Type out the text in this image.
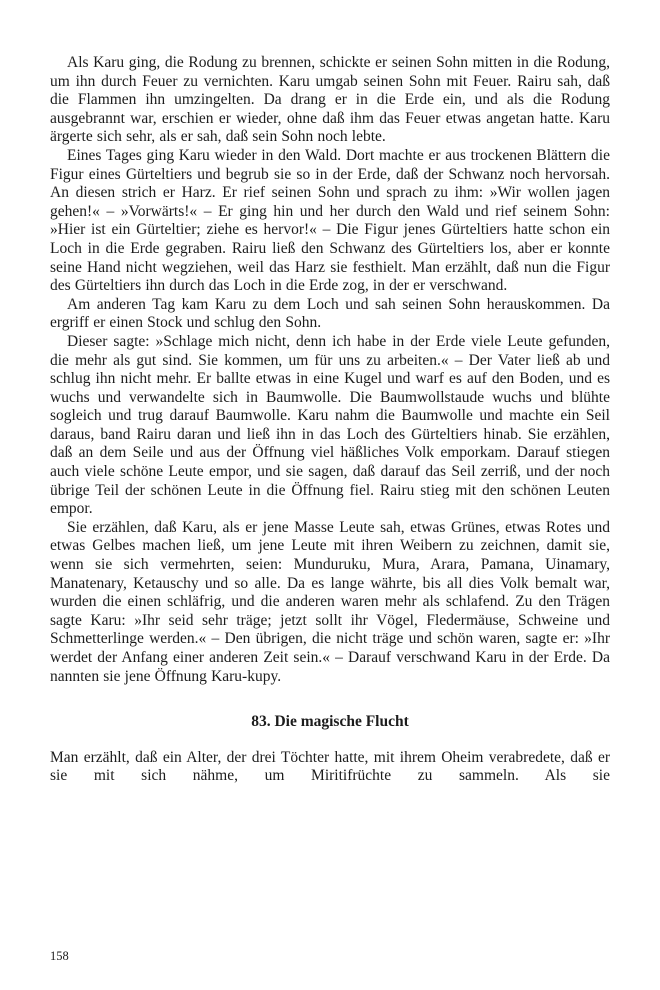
Als Karu ging, die Rodung zu brennen, schickte er seinen Sohn mitten in die Rodung, um ihn durch Feuer zu vernichten. Karu umgab seinen Sohn mit Feuer. Rairu sah, daß die Flammen ihn umzingelten. Da drang er in die Erde ein, und als die Rodung ausgebrannt war, erschien er wieder, ohne daß ihm das Feuer etwas angetan hatte. Karu ärgerte sich sehr, als er sah, daß sein Sohn noch lebte.

Eines Tages ging Karu wieder in den Wald. Dort machte er aus trockenen Blättern die Figur eines Gürteltiers und begrub sie so in der Erde, daß der Schwanz noch hervorsah. An diesen strich er Harz. Er rief seinen Sohn und sprach zu ihm: »Wir wollen jagen gehen!« – »Vorwärts!« – Er ging hin und her durch den Wald und rief seinem Sohn: »Hier ist ein Gürteltier; ziehe es hervor!« – Die Figur jenes Gürteltiers hatte schon ein Loch in die Erde gegraben. Rairu ließ den Schwanz des Gürteltiers los, aber er konnte seine Hand nicht wegziehen, weil das Harz sie festhielt. Man erzählt, daß nun die Figur des Gürteltiers ihn durch das Loch in die Erde zog, in der er verschwand.

Am anderen Tag kam Karu zu dem Loch und sah seinen Sohn herauskommen. Da ergriff er einen Stock und schlug den Sohn.

Dieser sagte: »Schlage mich nicht, denn ich habe in der Erde viele Leute gefunden, die mehr als gut sind. Sie kommen, um für uns zu arbeiten.« – Der Vater ließ ab und schlug ihn nicht mehr. Er ballte etwas in eine Kugel und warf es auf den Boden, und es wuchs und verwandelte sich in Baumwolle. Die Baumwollstaude wuchs und blühte sogleich und trug darauf Baumwolle. Karu nahm die Baumwolle und machte ein Seil daraus, band Rairu daran und ließ ihn in das Loch des Gürteltiers hinab. Sie erzählen, daß an dem Seile und aus der Öffnung viel häßliches Volk emporkam. Darauf stiegen auch viele schöne Leute empor, und sie sagen, daß darauf das Seil zerriß, und der noch übrige Teil der schönen Leute in die Öffnung fiel. Rairu stieg mit den schönen Leuten empor.

Sie erzählen, daß Karu, als er jene Masse Leute sah, etwas Grünes, etwas Rotes und etwas Gelbes machen ließ, um jene Leute mit ihren Weibern zu zeichnen, damit sie, wenn sie sich vermehrten, seien: Munduruku, Mura, Arara, Pamana, Uinamary, Manatenary, Ketauschy und so alle. Da es lange währte, bis all dies Volk bemalt war, wurden die einen schläfrig, und die anderen waren mehr als schlafend. Zu den Trägen sagte Karu: »Ihr seid sehr träge; jetzt sollt ihr Vögel, Fledermäuse, Schweine und Schmetterlinge werden.« – Den übrigen, die nicht träge und schön waren, sagte er: »Ihr werdet der Anfang einer anderen Zeit sein.« – Darauf verschwand Karu in der Erde. Da nannten sie jene Öffnung Karu-kupy.

83. Die magische Flucht

Man erzählt, daß ein Alter, der drei Töchter hatte, mit ihrem Oheim verabredete, daß er sie mit sich nähme, um Miritifrüchte zu sammeln. Als sie

158
